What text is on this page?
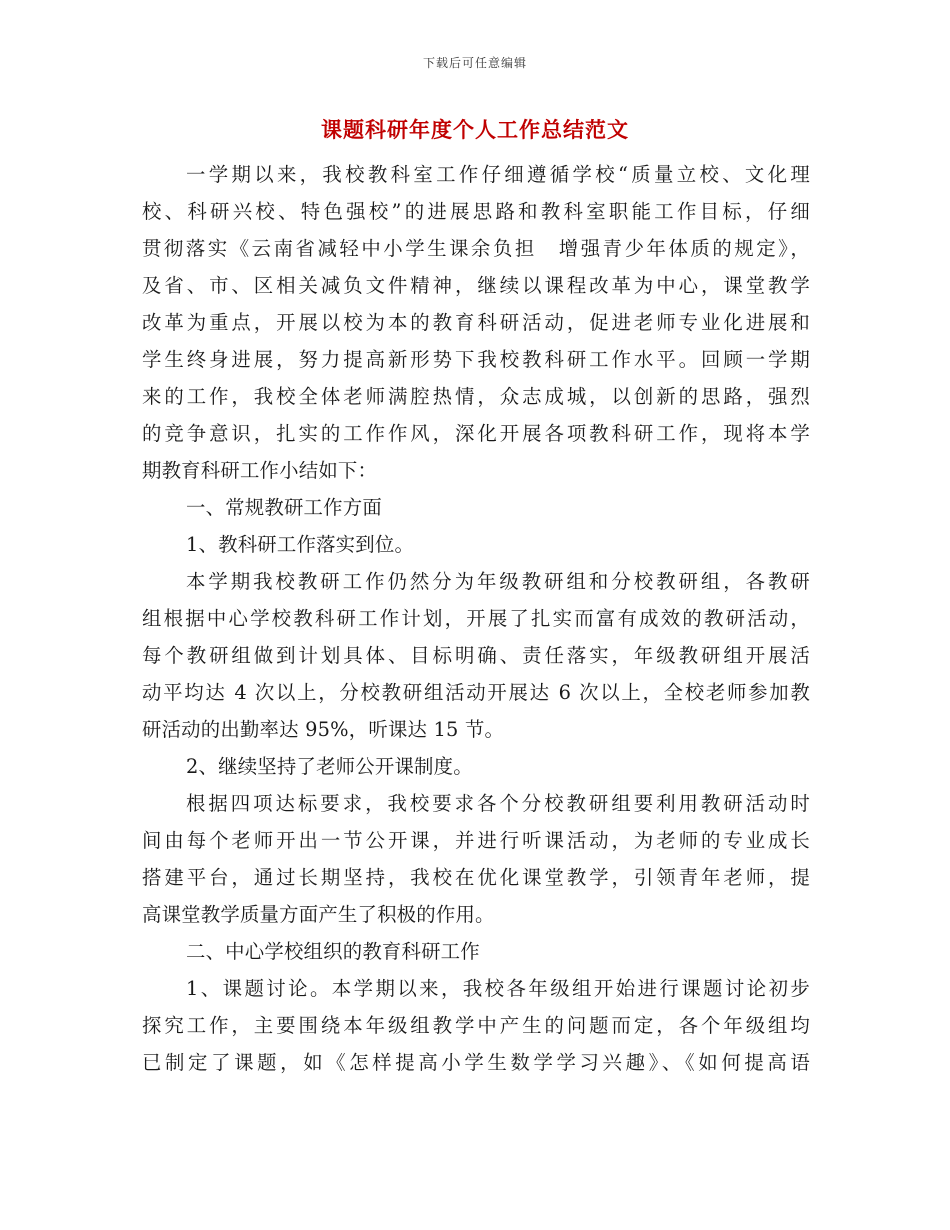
下载后可任意编辑
课题科研年度个人工作总结范文
一学期以来，我校教科室工作仔细遵循学校“质量立校、文化理
校、科研兴校、特色强校”的进展思路和教科室职能工作目标，仔细
贯彻落实《云南省减轻中小学生课余负担　增强青少年体质的规定》，
及省、市、区相关减负文件精神，继续以课程改革为中心，课堂教学
改革为重点，开展以校为本的教育科研活动，促进老师专业化进展和
学生终身进展，努力提高新形势下我校教科研工作水平。回顾一学期
来的工作，我校全体老师满腔热情，众志成城，以创新的思路，强烈
的竞争意识，扎实的工作作风，深化开展各项教科研工作，现将本学
期教育科研工作小结如下：
一、常规教研工作方面
1、教科研工作落实到位。
本学期我校教研工作仍然分为年级教研组和分校教研组，各教研
组根据中心学校教科研工作计划，开展了扎实而富有成效的教研活动，
每个教研组做到计划具体、目标明确、责任落实，年级教研组开展活
动平均达 4 次以上，分校教研组活动开展达 6 次以上，全校老师参加教
研活动的出勤率达 95%，听课达 15 节。
2、继续坚持了老师公开课制度。
根据四项达标要求，我校要求各个分校教研组要利用教研活动时
间由每个老师开出一节公开课，并进行听课活动，为老师的专业成长
搭建平台，通过长期坚持，我校在优化课堂教学，引领青年老师，提
高课堂教学质量方面产生了积极的作用。
二、中心学校组织的教育科研工作
1、课题讨论。本学期以来，我校各年级组开始进行课题讨论初步
探究工作，主要围绕本年级组教学中产生的问题而定，各个年级组均
已制定了课题，如《怎样提高小学生数学学习兴趣》、《如何提高语
